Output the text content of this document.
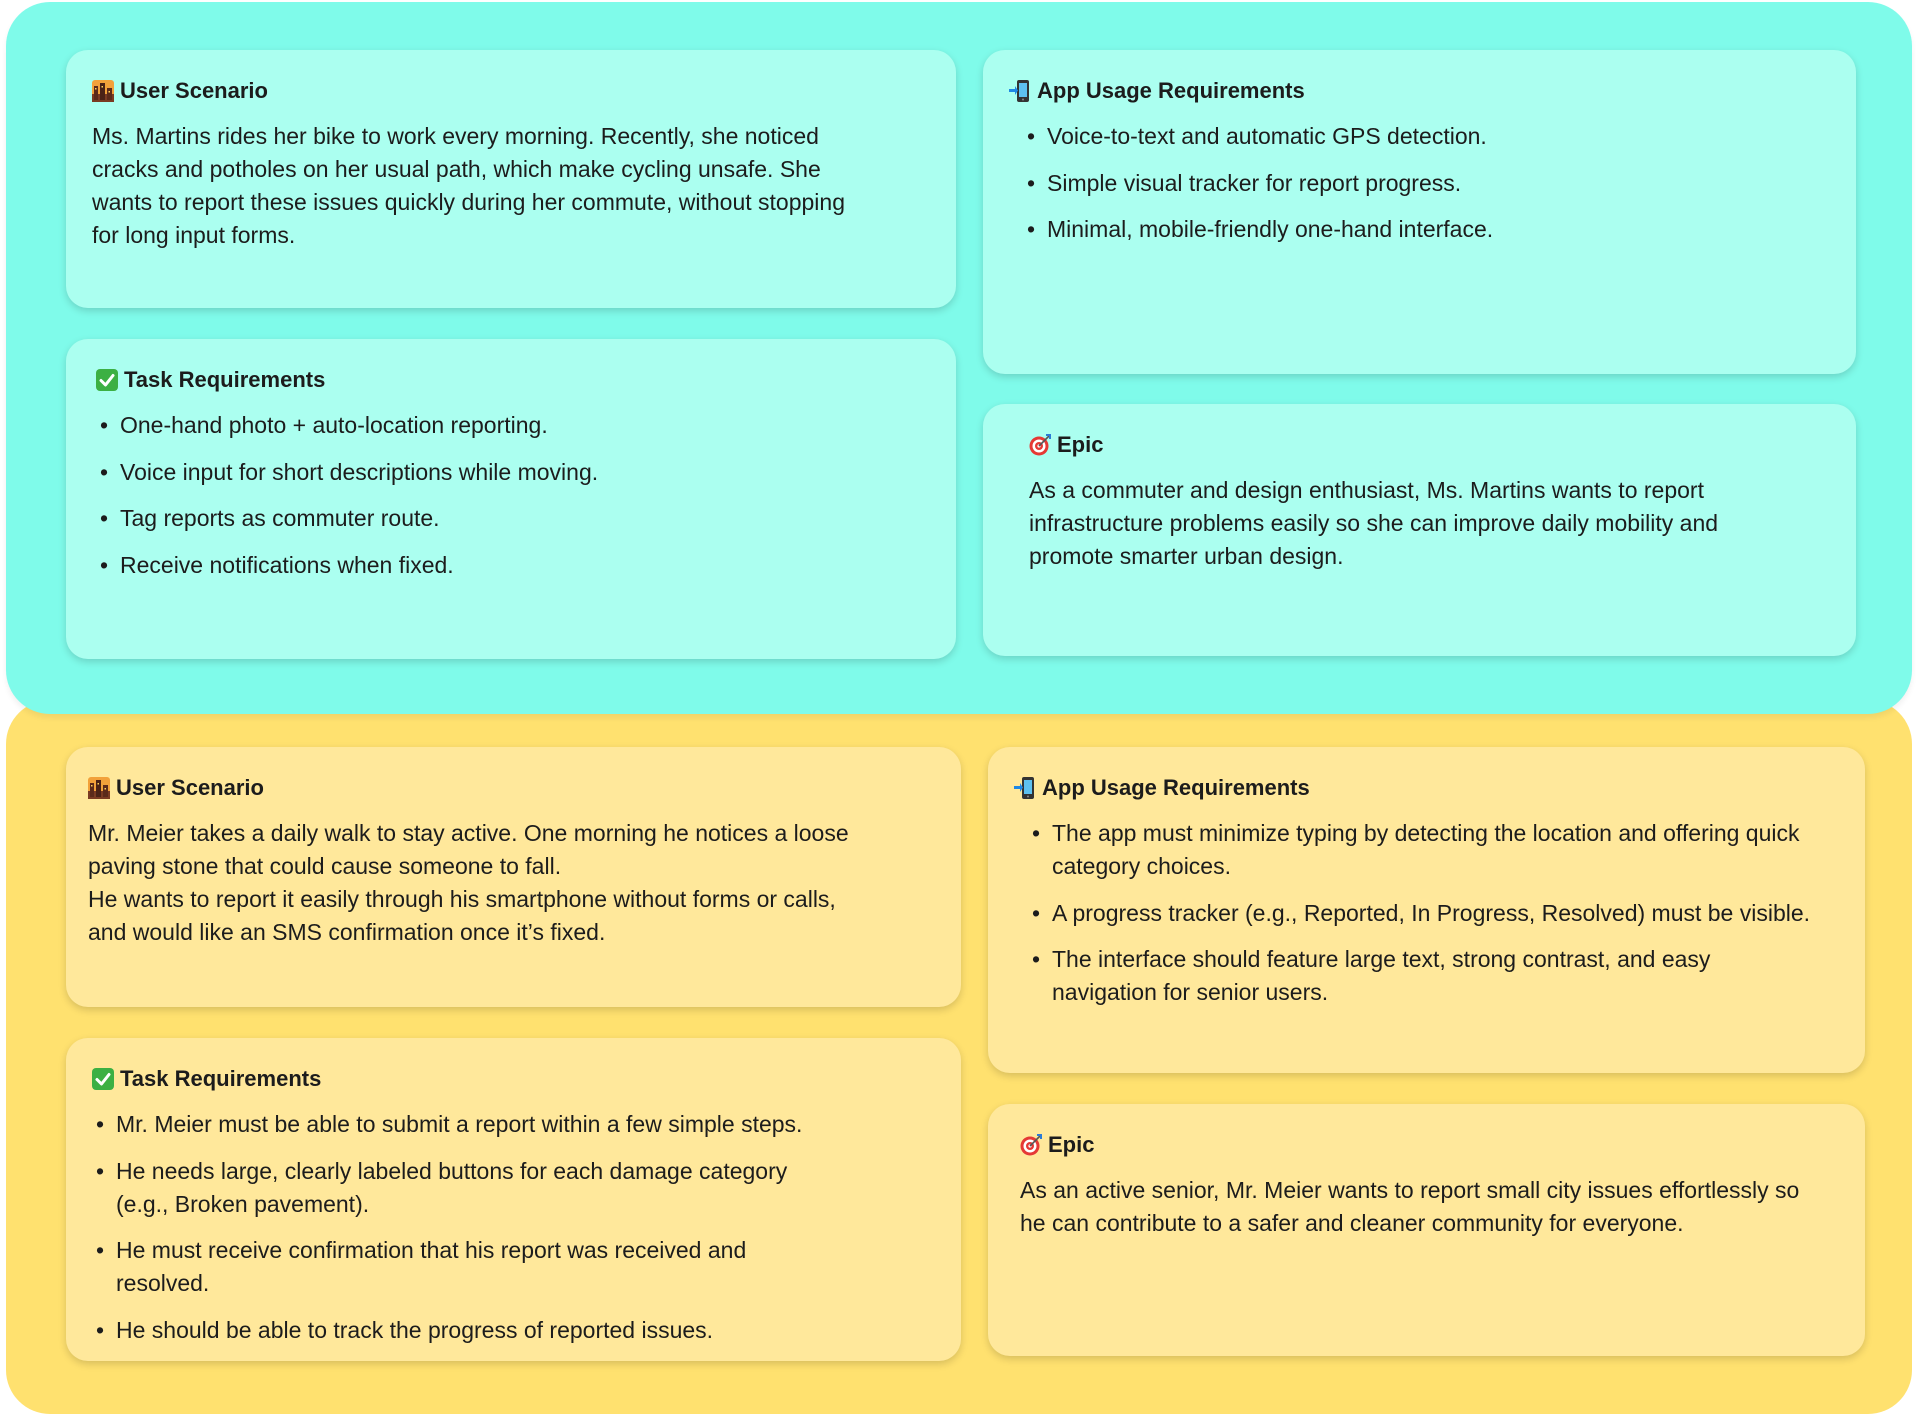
User Scenario
Ms. Martins rides her bike to work every morning. Recently, she noticed cracks and potholes on her usual path, which make cycling unsafe. She wants to report these issues quickly during her commute, without stopping for long input forms.
Task Requirements
• One-hand photo + auto-location reporting.
• Voice input for short descriptions while moving.
• Tag reports as commuter route.
• Receive notifications when fixed.
App Usage Requirements
• Voice-to-text and automatic GPS detection.
• Simple visual tracker for report progress.
• Minimal, mobile-friendly one-hand interface.
Epic
As a commuter and design enthusiast, Ms. Martins wants to report infrastructure problems easily so she can improve daily mobility and promote smarter urban design.
User Scenario
Mr. Meier takes a daily walk to stay active. One morning he notices a loose paving stone that could cause someone to fall.
He wants to report it easily through his smartphone without forms or calls, and would like an SMS confirmation once it’s fixed.
Task Requirements
• Mr. Meier must be able to submit a report within a few simple steps.
• He needs large, clearly labeled buttons for each damage category (e.g., Broken pavement).
• He must receive confirmation that his report was received and resolved.
• He should be able to track the progress of reported issues.
App Usage Requirements
• The app must minimize typing by detecting the location and offering quick category choices.
• A progress tracker (e.g., Reported, In Progress, Resolved) must be visible.
• The interface should feature large text, strong contrast, and easy navigation for senior users.
Epic
As an active senior, Mr. Meier wants to report small city issues effortlessly so he can contribute to a safer and cleaner community for everyone.
